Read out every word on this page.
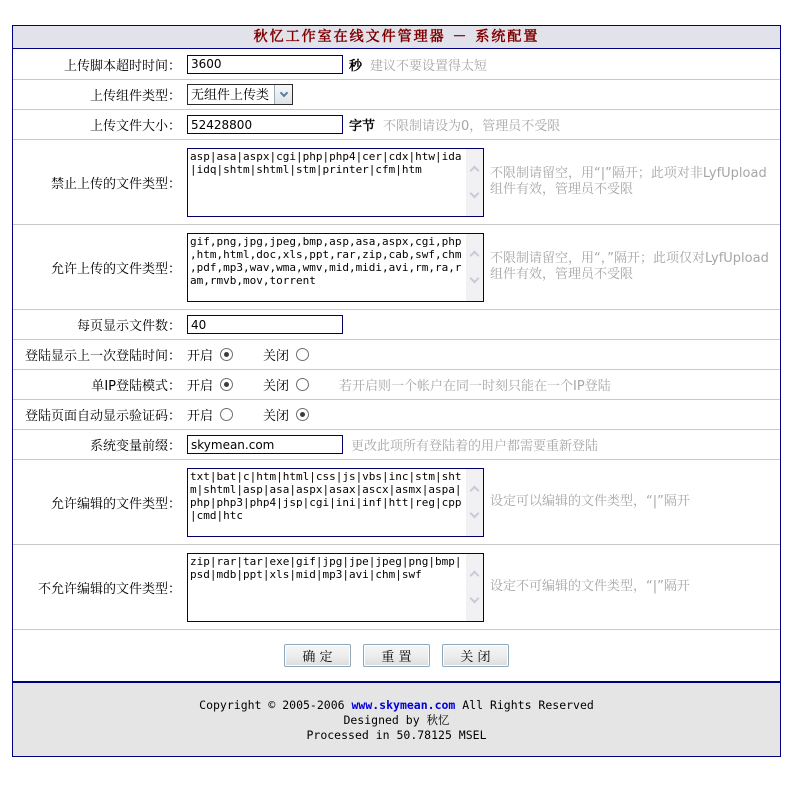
秋忆工作室在线文件管理器 － 系统配置
上传脚本超时时间：
3600	秒 建议不要设置得太短
上传组件类型： 无组件上传类
上传文件大小：
52428800	字节 不限制请设为0，管理员不受限
禁止上传的文件类型：
asp|asa|aspx|cgi|php|php4|cer|cdx|htw|ida|idq|shtm|shtml|stm|printer|cfm|htm
不限制请留空，用“|”隔开；此项对非LyfUpload组件有效，管理员不受限
允许上传的文件类型：
gif,png,jpg,jpeg,bmp,asp,asa,aspx,cgi,php,htm,html,doc,xls,ppt,rar,zip,cab,swf,chm,pdf,mp3,wav,wma,wmv,mid,midi,avi,rm,ra,ram,rmvb,mov,torrent
不限制请留空，用“，”隔开；此项仅对LyfUpload组件有效，管理员不受限
每页显示文件数：
40
登陆显示上一次登陆时间： 开启	关闭
单IP登陆模式： 开启	关闭	若开启则一个帐户在同一时刻只能在一个IP登陆
登陆页面自动显示验证码： 开启	关闭
系统变量前缀：
skymean.com	更改此项所有登陆着的用户都需要重新登陆
允许编辑的文件类型：
txt|bat|c|htm|html|css|js|vbs|inc|stm|shtm|shtml|asp|asa|aspx|asax|ascx|asmx|aspa|php|php3|php4|jsp|cgi|ini|inf|htt|reg|cpp|cmd|htc	设定可以编辑的文件类型，“|”隔开
不允许编辑的文件类型：
zip|rar|tar|exe|gif|jpg|jpe|jpeg|png|bmp|psd|mdb|ppt|xls|mid|mp3|avi|chm|swf	设定不可编辑的文件类型，“|”隔开
确 定	重 置	关 闭
Copyright © 2005-2006 www.skymean.com All Rights Reserved
Designed by 秋忆
Processed in 50.78125 MSEL
